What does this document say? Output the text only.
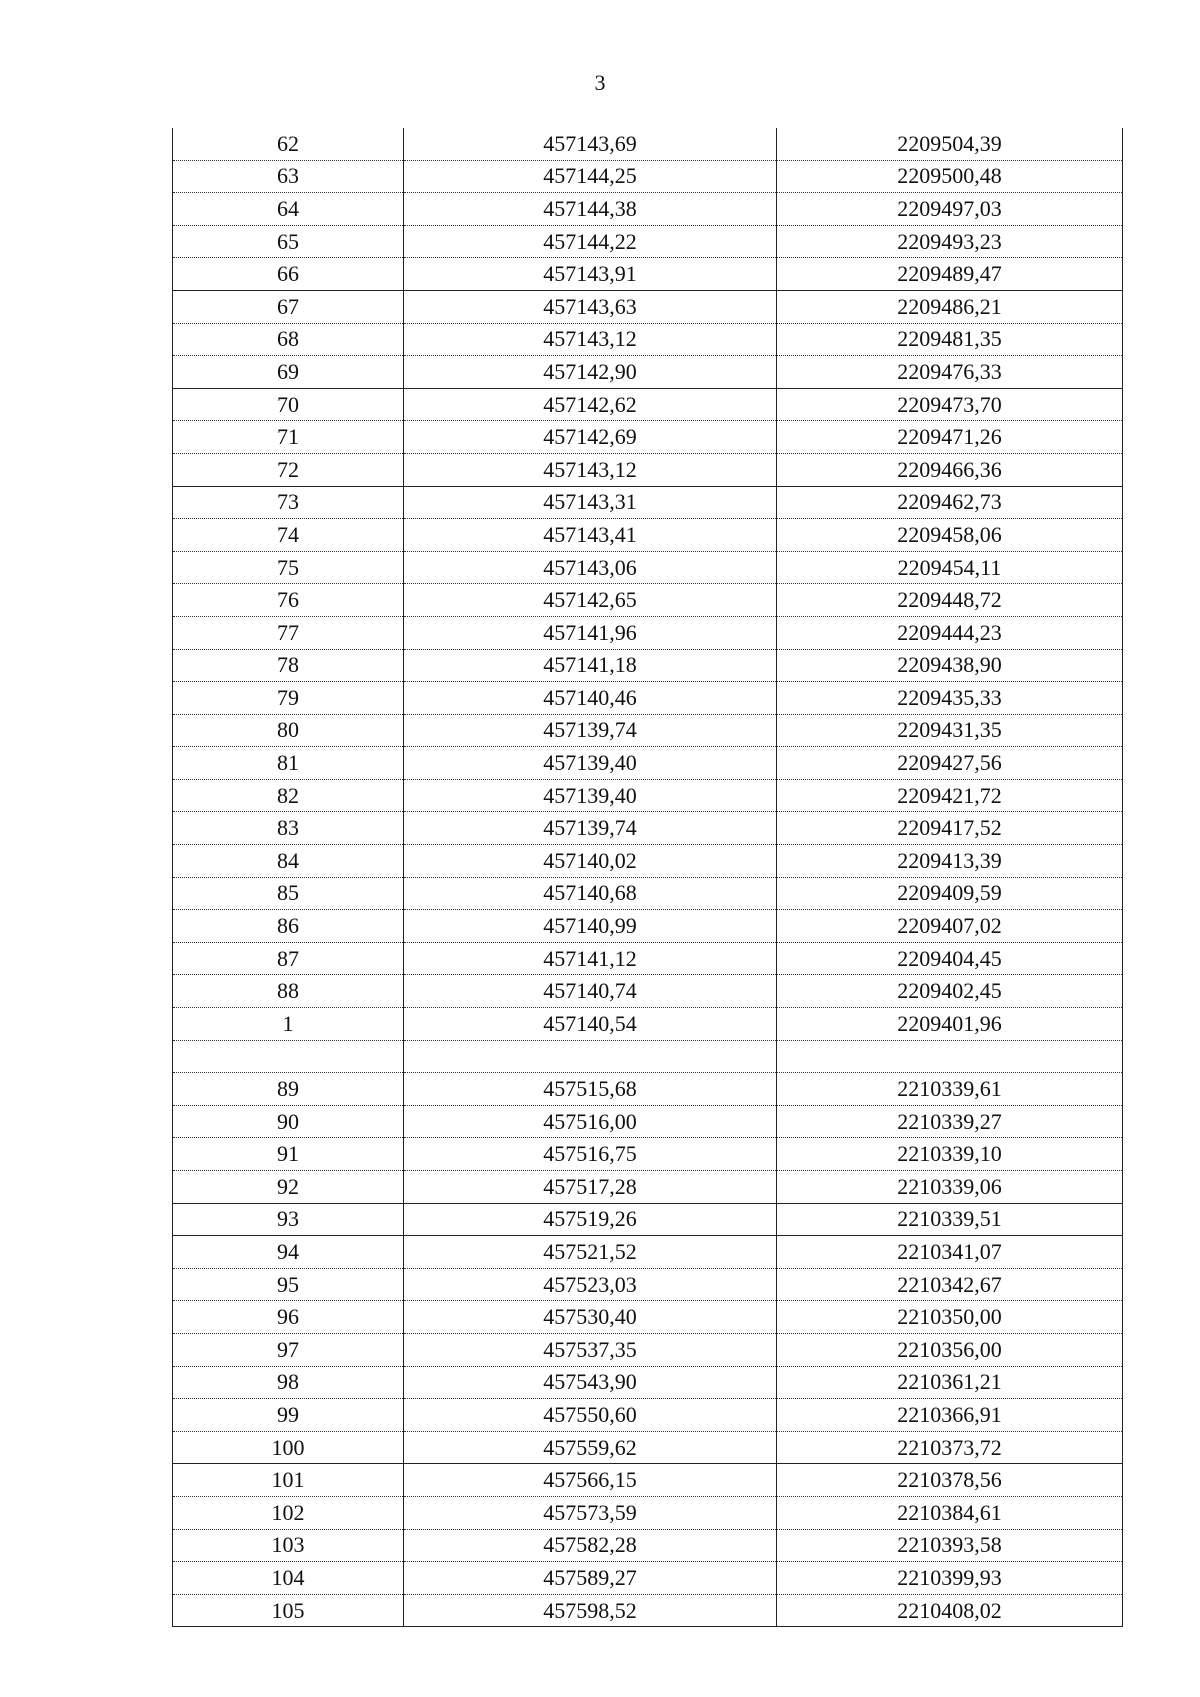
3
62	457143,69	2209504,39
63	457144,25	2209500,48
64	457144,38	2209497,03
65	457144,22	2209493,23
66	457143,91	2209489,47
67	457143,63	2209486,21
68	457143,12	2209481,35
69	457142,90	2209476,33
70	457142,62	2209473,70
71	457142,69	2209471,26
72	457143,12	2209466,36
73	457143,31	2209462,73
74	457143,41	2209458,06
75	457143,06	2209454,11
76	457142,65	2209448,72
77	457141,96	2209444,23
78	457141,18	2209438,90
79	457140,46	2209435,33
80	457139,74	2209431,35
81	457139,40	2209427,56
82	457139,40	2209421,72
83	457139,74	2209417,52
84	457140,02	2209413,39
85	457140,68	2209409,59
86	457140,99	2209407,02
87	457141,12	2209404,45
88	457140,74	2209402,45
1	457140,54	2209401,96

89	457515,68	2210339,61
90	457516,00	2210339,27
91	457516,75	2210339,10
92	457517,28	2210339,06
93	457519,26	2210339,51
94	457521,52	2210341,07
95	457523,03	2210342,67
96	457530,40	2210350,00
97	457537,35	2210356,00
98	457543,90	2210361,21
99	457550,60	2210366,91
100	457559,62	2210373,72
101	457566,15	2210378,56
102	457573,59	2210384,61
103	457582,28	2210393,58
104	457589,27	2210399,93
105	457598,52	2210408,02
